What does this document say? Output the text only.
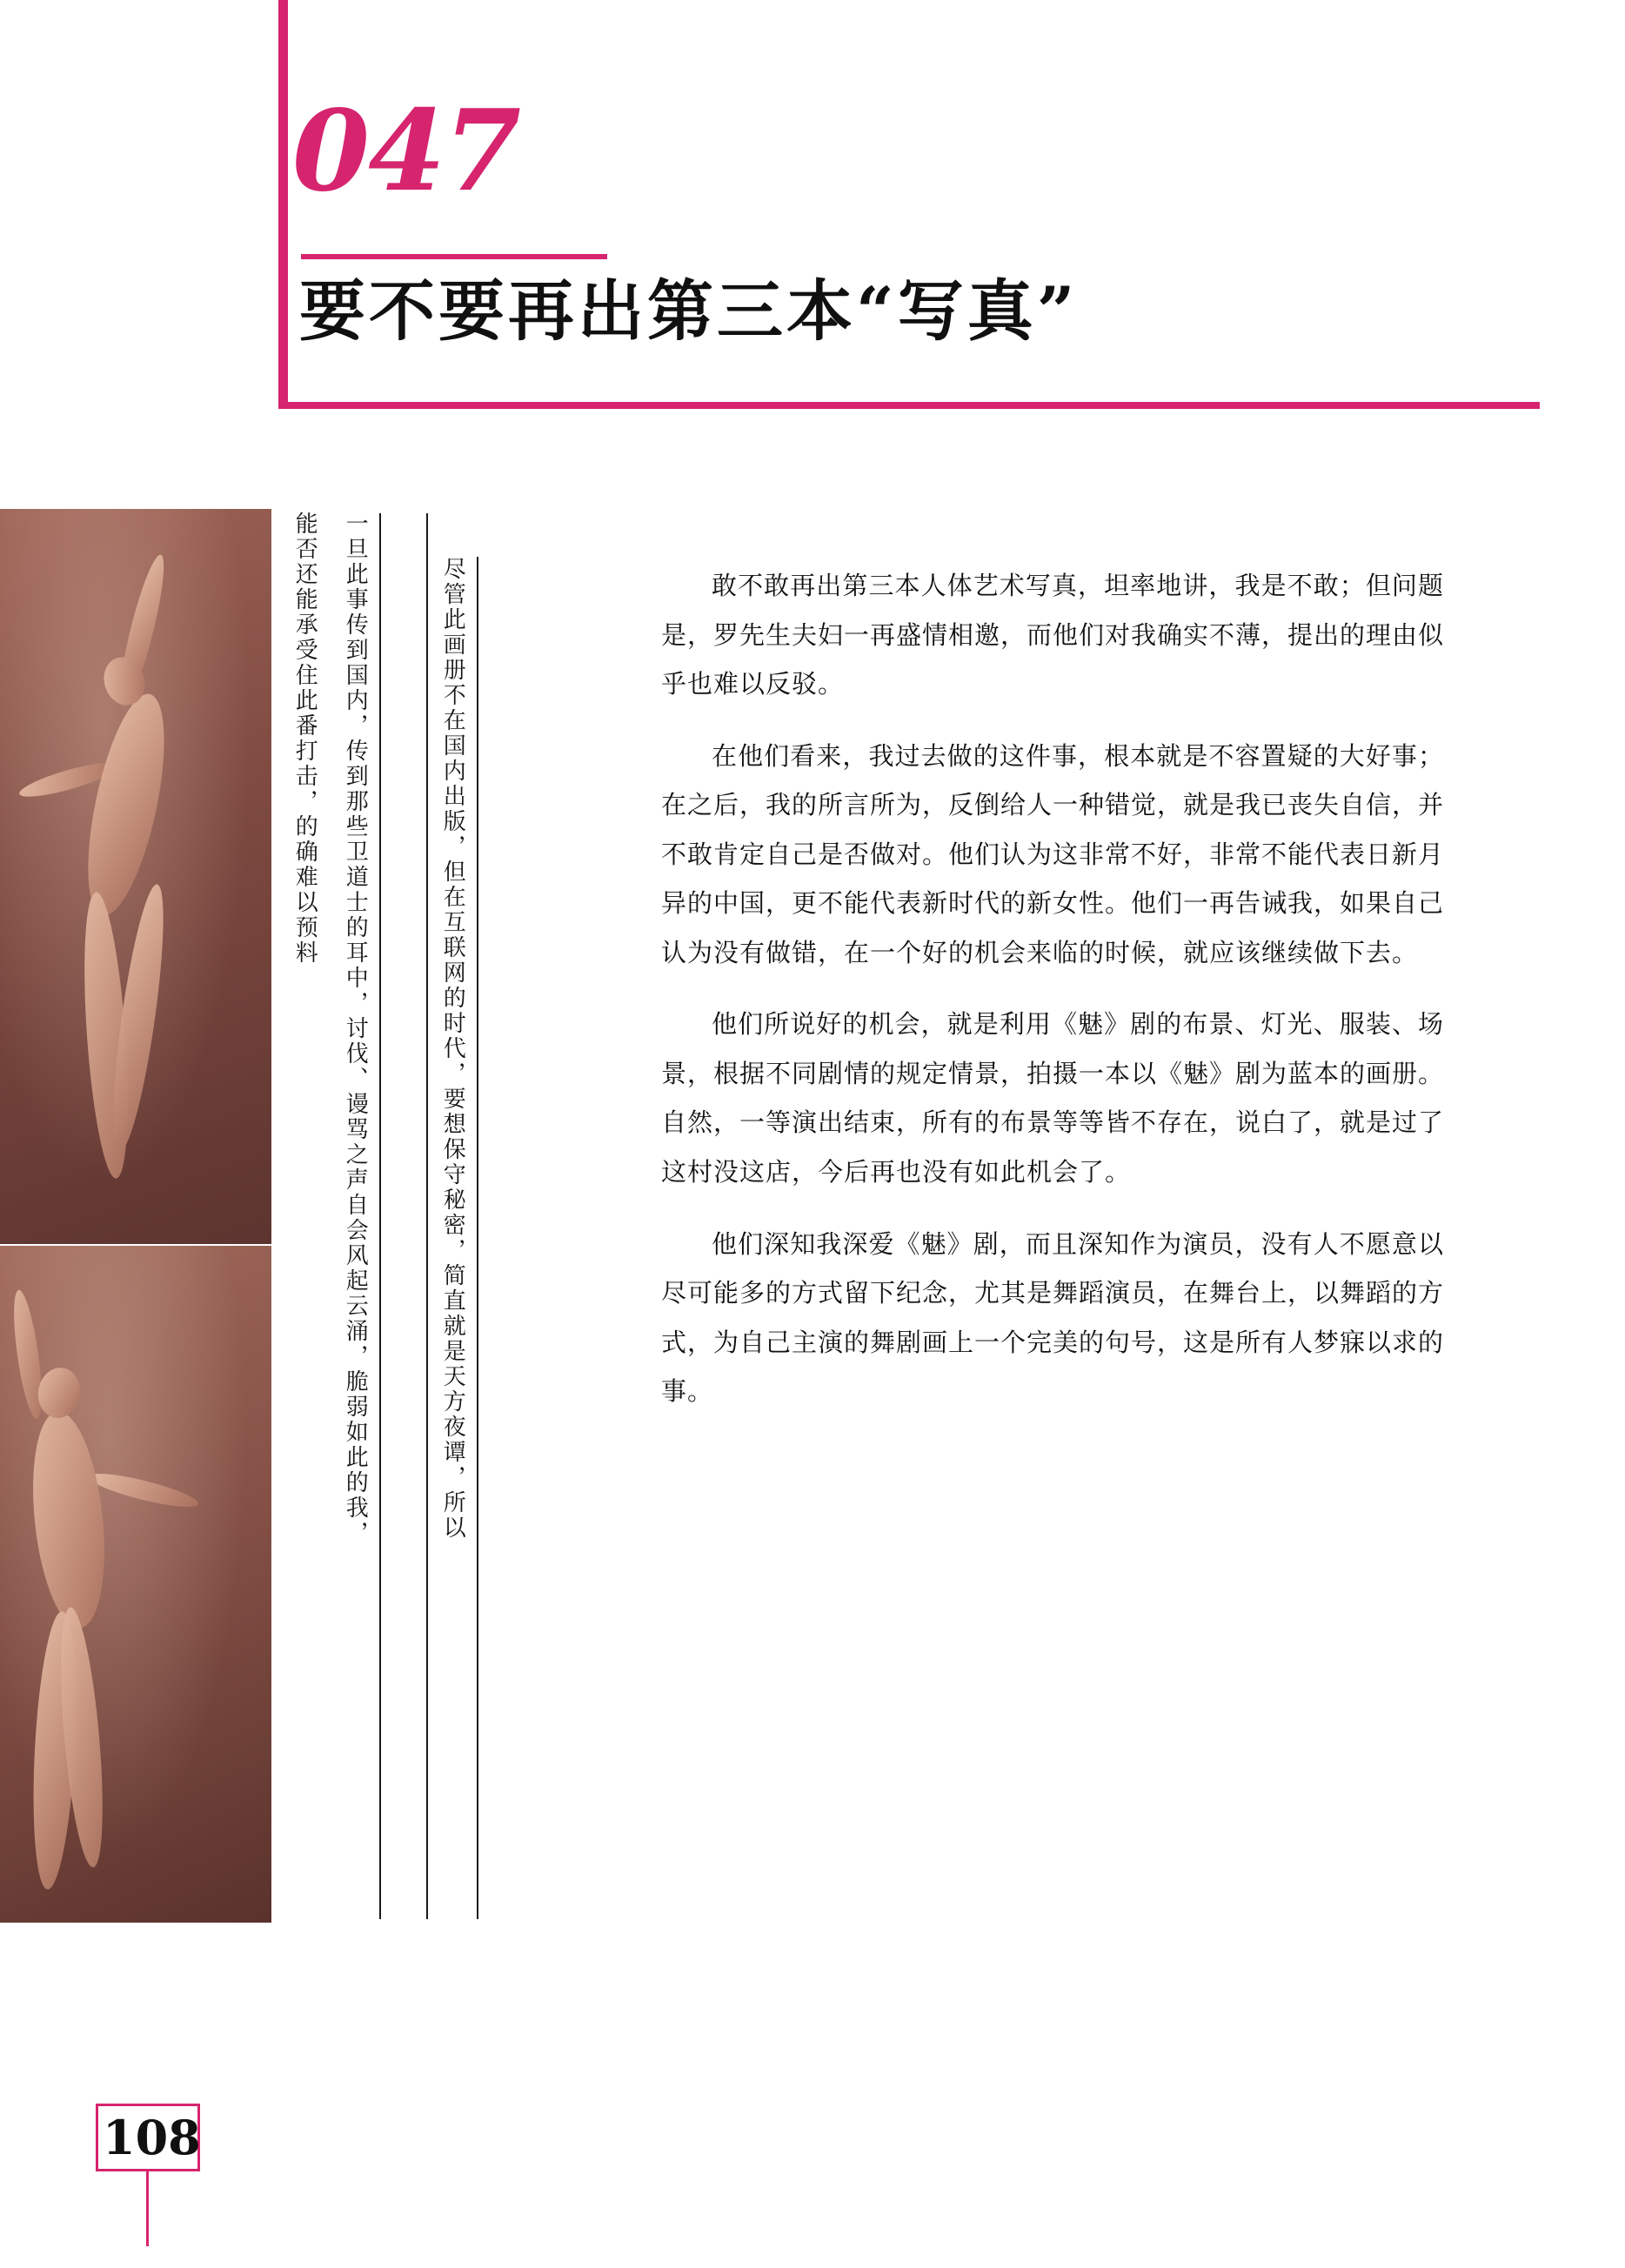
047
要不要再出第三本“写真”
能否还能承受住此番打击，的确难以预料 一旦此事传到国内，传到那些卫道士的耳中，讨伐、谩骂之声自会风起云涌，脆弱如此的我，	尽管此画册不在国内出版，但在互联网的时代，要想保守秘密，简直就是天方夜谭，所以	敢不敢再出第三本人体艺术写真，坦率地讲，我是不敢；但问题是，罗先生夫妇一再盛情相邀，而他们对我确实不薄，提出的理由似乎也难以反驳。

在他们看来，我过去做的这件事，根本就是不容置疑的大好事；在之后，我的所言所为，反倒给人一种错觉，就是我已丧失自信，并不敢肯定自己是否做对。他们认为这非常不好，非常不能代表日新月异的中国，更不能代表新时代的新女性。他们一再告诫我，如果自己认为没有做错，在一个好的机会来临的时候，就应该继续做下去。

他们所说好的机会，就是利用《魅》剧的布景、灯光、服装、场景，根据不同剧情的规定情景，拍摄一本以《魅》剧为蓝本的画册。自然，一等演出结束，所有的布景等等皆不存在，说白了，就是过了这村没这店，今后再也没有如此机会了。

他们深知我深爱《魅》剧，而且深知作为演员，没有人不愿意以尽可能多的方式留下纪念，尤其是舞蹈演员，在舞台上，以舞蹈的方式，为自己主演的舞剧画上一个完美的句号，这是所有人梦寐以求的事。

108
